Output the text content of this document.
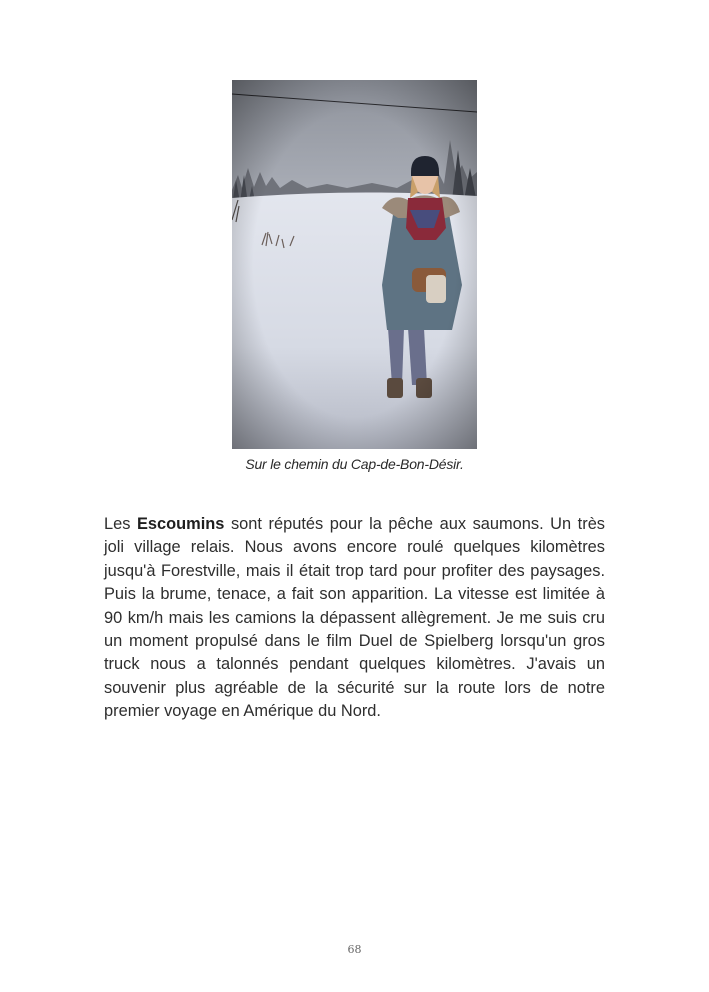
Sur le chemin du Cap-de-Bon-Désir.

Les Escoumins sont réputés pour la pêche aux saumons. Un très joli village relais. Nous avons encore roulé quelques kilomètres jusqu'à Forestville, mais il était trop tard pour profiter des paysages. Puis la brume, tenace, a fait son apparition. La vitesse est limitée à 90 km/h mais les camions la dépassent allègrement. Je me suis cru un moment propulsé dans le film Duel de Spielberg lorsqu'un gros truck nous a talonnés pendant quelques kilomètres. J'avais un souvenir plus agréable de la sécurité sur la route lors de notre premier voyage en Amérique du Nord.

68
